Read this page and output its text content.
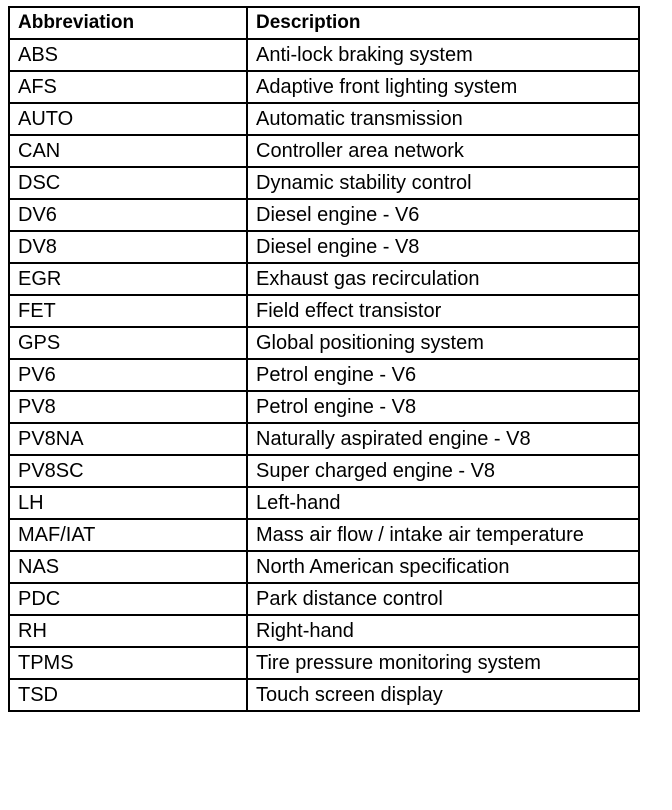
Abbreviation	Description
ABS	Anti-lock braking system
AFS	Adaptive front lighting system
AUTO	Automatic transmission
CAN	Controller area network
DSC	Dynamic stability control
DV6	Diesel engine - V6
DV8	Diesel engine - V8
EGR	Exhaust gas recirculation
FET	Field effect transistor
GPS	Global positioning system
PV6	Petrol engine - V6
PV8	Petrol engine - V8
PV8NA	Naturally aspirated engine - V8
PV8SC	Super charged engine - V8
LH	Left-hand
MAF/IAT	Mass air flow / intake air temperature
NAS	North American specification
PDC	Park distance control
RH	Right-hand
TPMS	Tire pressure monitoring system
TSD	Touch screen display
